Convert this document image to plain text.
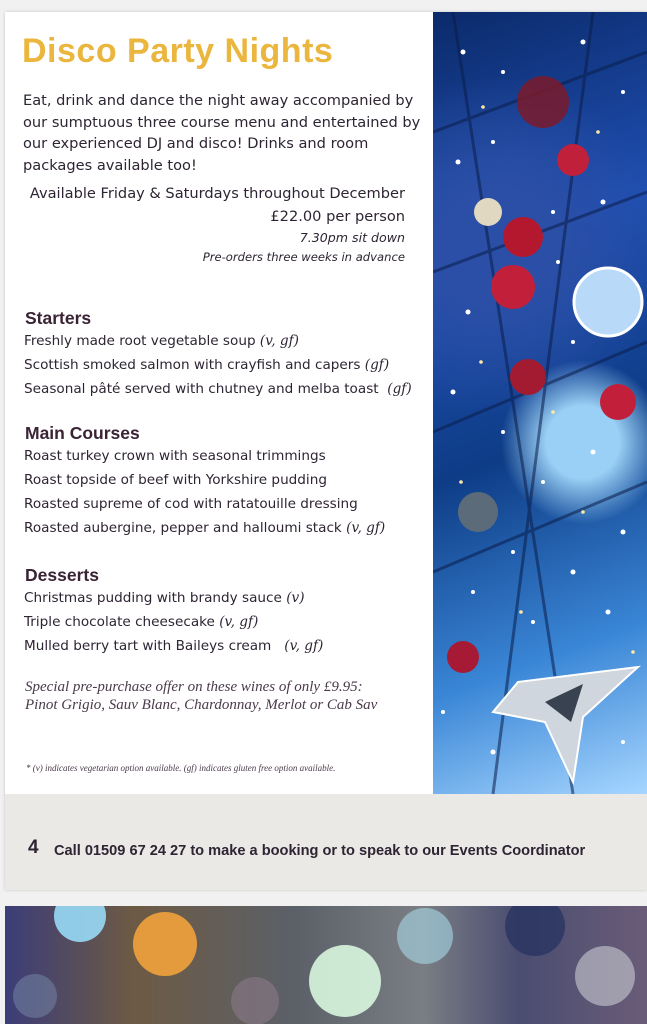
Disco Party Nights

Eat, drink and dance the night away accompanied by our sumptuous three course menu and entertained by our experienced DJ and disco! Drinks and room packages available too!

Available Friday & Saturdays throughout December

£22.00 per person

7.30pm sit down

Pre-orders three weeks in advance

Starters
Freshly made root vegetable soup (v, gf)
Scottish smoked salmon with crayfish and capers (gf)
Seasonal pâté served with chutney and melba toast (gf)
Main Courses
Roast turkey crown with seasonal trimmings
Roast topside of beef with Yorkshire pudding
Roasted supreme of cod with ratatouille dressing
Roasted aubergine, pepper and halloumi stack (v, gf)
Desserts
Christmas pudding with brandy sauce (v)
Triple chocolate cheesecake (v, gf)
Mulled berry tart with Baileys cream (v, gf)

Special pre-purchase offer on these wines of only £9.95:
Pinot Grigio, Sauv Blanc, Chardonnay, Merlot or Cab Sav

* (v) indicates vegetarian option available. (gf) indicates gluten free option available.

4 Call 01509 67 24 27 to make a booking or to speak to our Events Coordinator
